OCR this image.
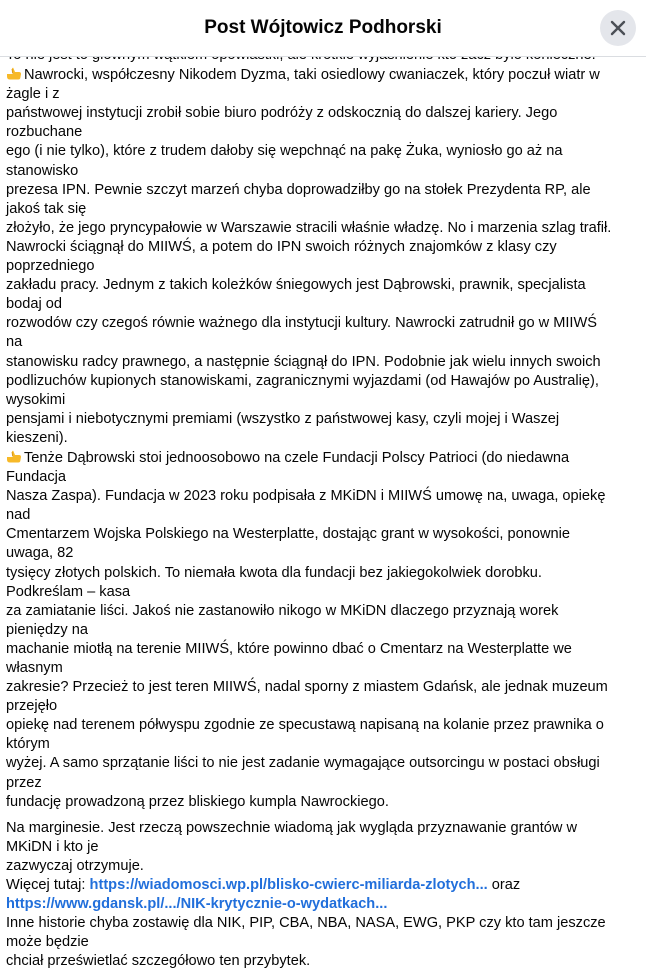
Nawrocki, współczesny Nikodem Dyzma, taki osiedlowy cwaniaczek, który poczuł wiatr w żagle i z

państwowej instytucji zrobił sobie biuro podróży z odskocznią do dalszej kariery. Jego rozbuchane

ego (i nie tylko), które z trudem dałoby się wepchnąć na pakę Żuka, wyniosło go aż na stanowisko

prezesa IPN. Pewnie szczyt marzeń chyba doprowadziłby go na stołek Prezydenta RP, ale jakoś tak się

złożyło, że jego pryncypałowie w Warszawie stracili właśnie władzę. No i marzenia szlag trafił.

Nawrocki ściągnął do MIIWŚ, a potem do IPN swoich różnych znajomków z klasy czy poprzedniego

zakładu pracy. Jednym z takich koleżków śniegowych jest Dąbrowski, prawnik, specjalista bodaj od

rozwodów czy czegoś równie ważnego dla instytucji kultury. Nawrocki zatrudnił go w MIIWŚ na

stanowisku radcy prawnego, a następnie ściągnął do IPN. Podobnie jak wielu innych swoich

podlizuchów kupionych stanowiskami, zagranicznymi wyjazdami (od Hawajów po Australię), wysokimi

pensjami i niebotycznymi premiami (wszystko z państwowej kasy, czyli mojej i Waszej kieszeni).

Tenże Dąbrowski stoi jednoosobowo na czele Fundacji Polscy Patrioci (do niedawna Fundacja

Nasza Zaspa). Fundacja w 2023 roku podpisała z MKiDN i MIIWŚ umowę na, uwaga, opiekę nad

Cmentarzem Wojska Polskiego na Westerplatte, dostając grant w wysokości, ponownie uwaga, 82

tysięcy złotych polskich. To niemała kwota dla fundacji bez jakiegokolwiek dorobku. Podkreślam – kasa

za zamiatanie liści. Jakoś nie zastanowiło nikogo w MKiDN dlaczego przyznają worek pieniędzy na

machanie miotłą na terenie MIIWŚ, które powinno dbać o Cmentarz na Westerplatte we własnym

zakresie? Przecież to jest teren MIIWŚ, nadal sporny z miastem Gdańsk, ale jednak muzeum przejęło

opiekę nad terenem półwyspu zgodnie ze specustawą napisaną na kolanie przez prawnika o którym

wyżej. A samo sprzątanie liści to nie jest zadanie wymagające outsorcingu w postaci obsługi przez

fundację prowadzoną przez bliskiego kumpla Nawrockiego.

Na marginesie. Jest rzeczą powszechnie wiadomą jak wygląda przyznawanie grantów w MKiDN i kto je

zazwyczaj otrzymuje.

Więcej tutaj: https://wiadomosci.wp.pl/blisko-cwierc-miliarda-zlotych... oraz

https://www.gdansk.pl/.../NIK-krytycznie-o-wydatkach...

Inne historie chyba zostawię dla NIK, PIP, CBA, NBA, NASA, EWG, PKP czy kto tam jeszcze może będzie

chciał prześwietlać szczegółowo ten przybytek.

Post Wójtowicz Podhorski
